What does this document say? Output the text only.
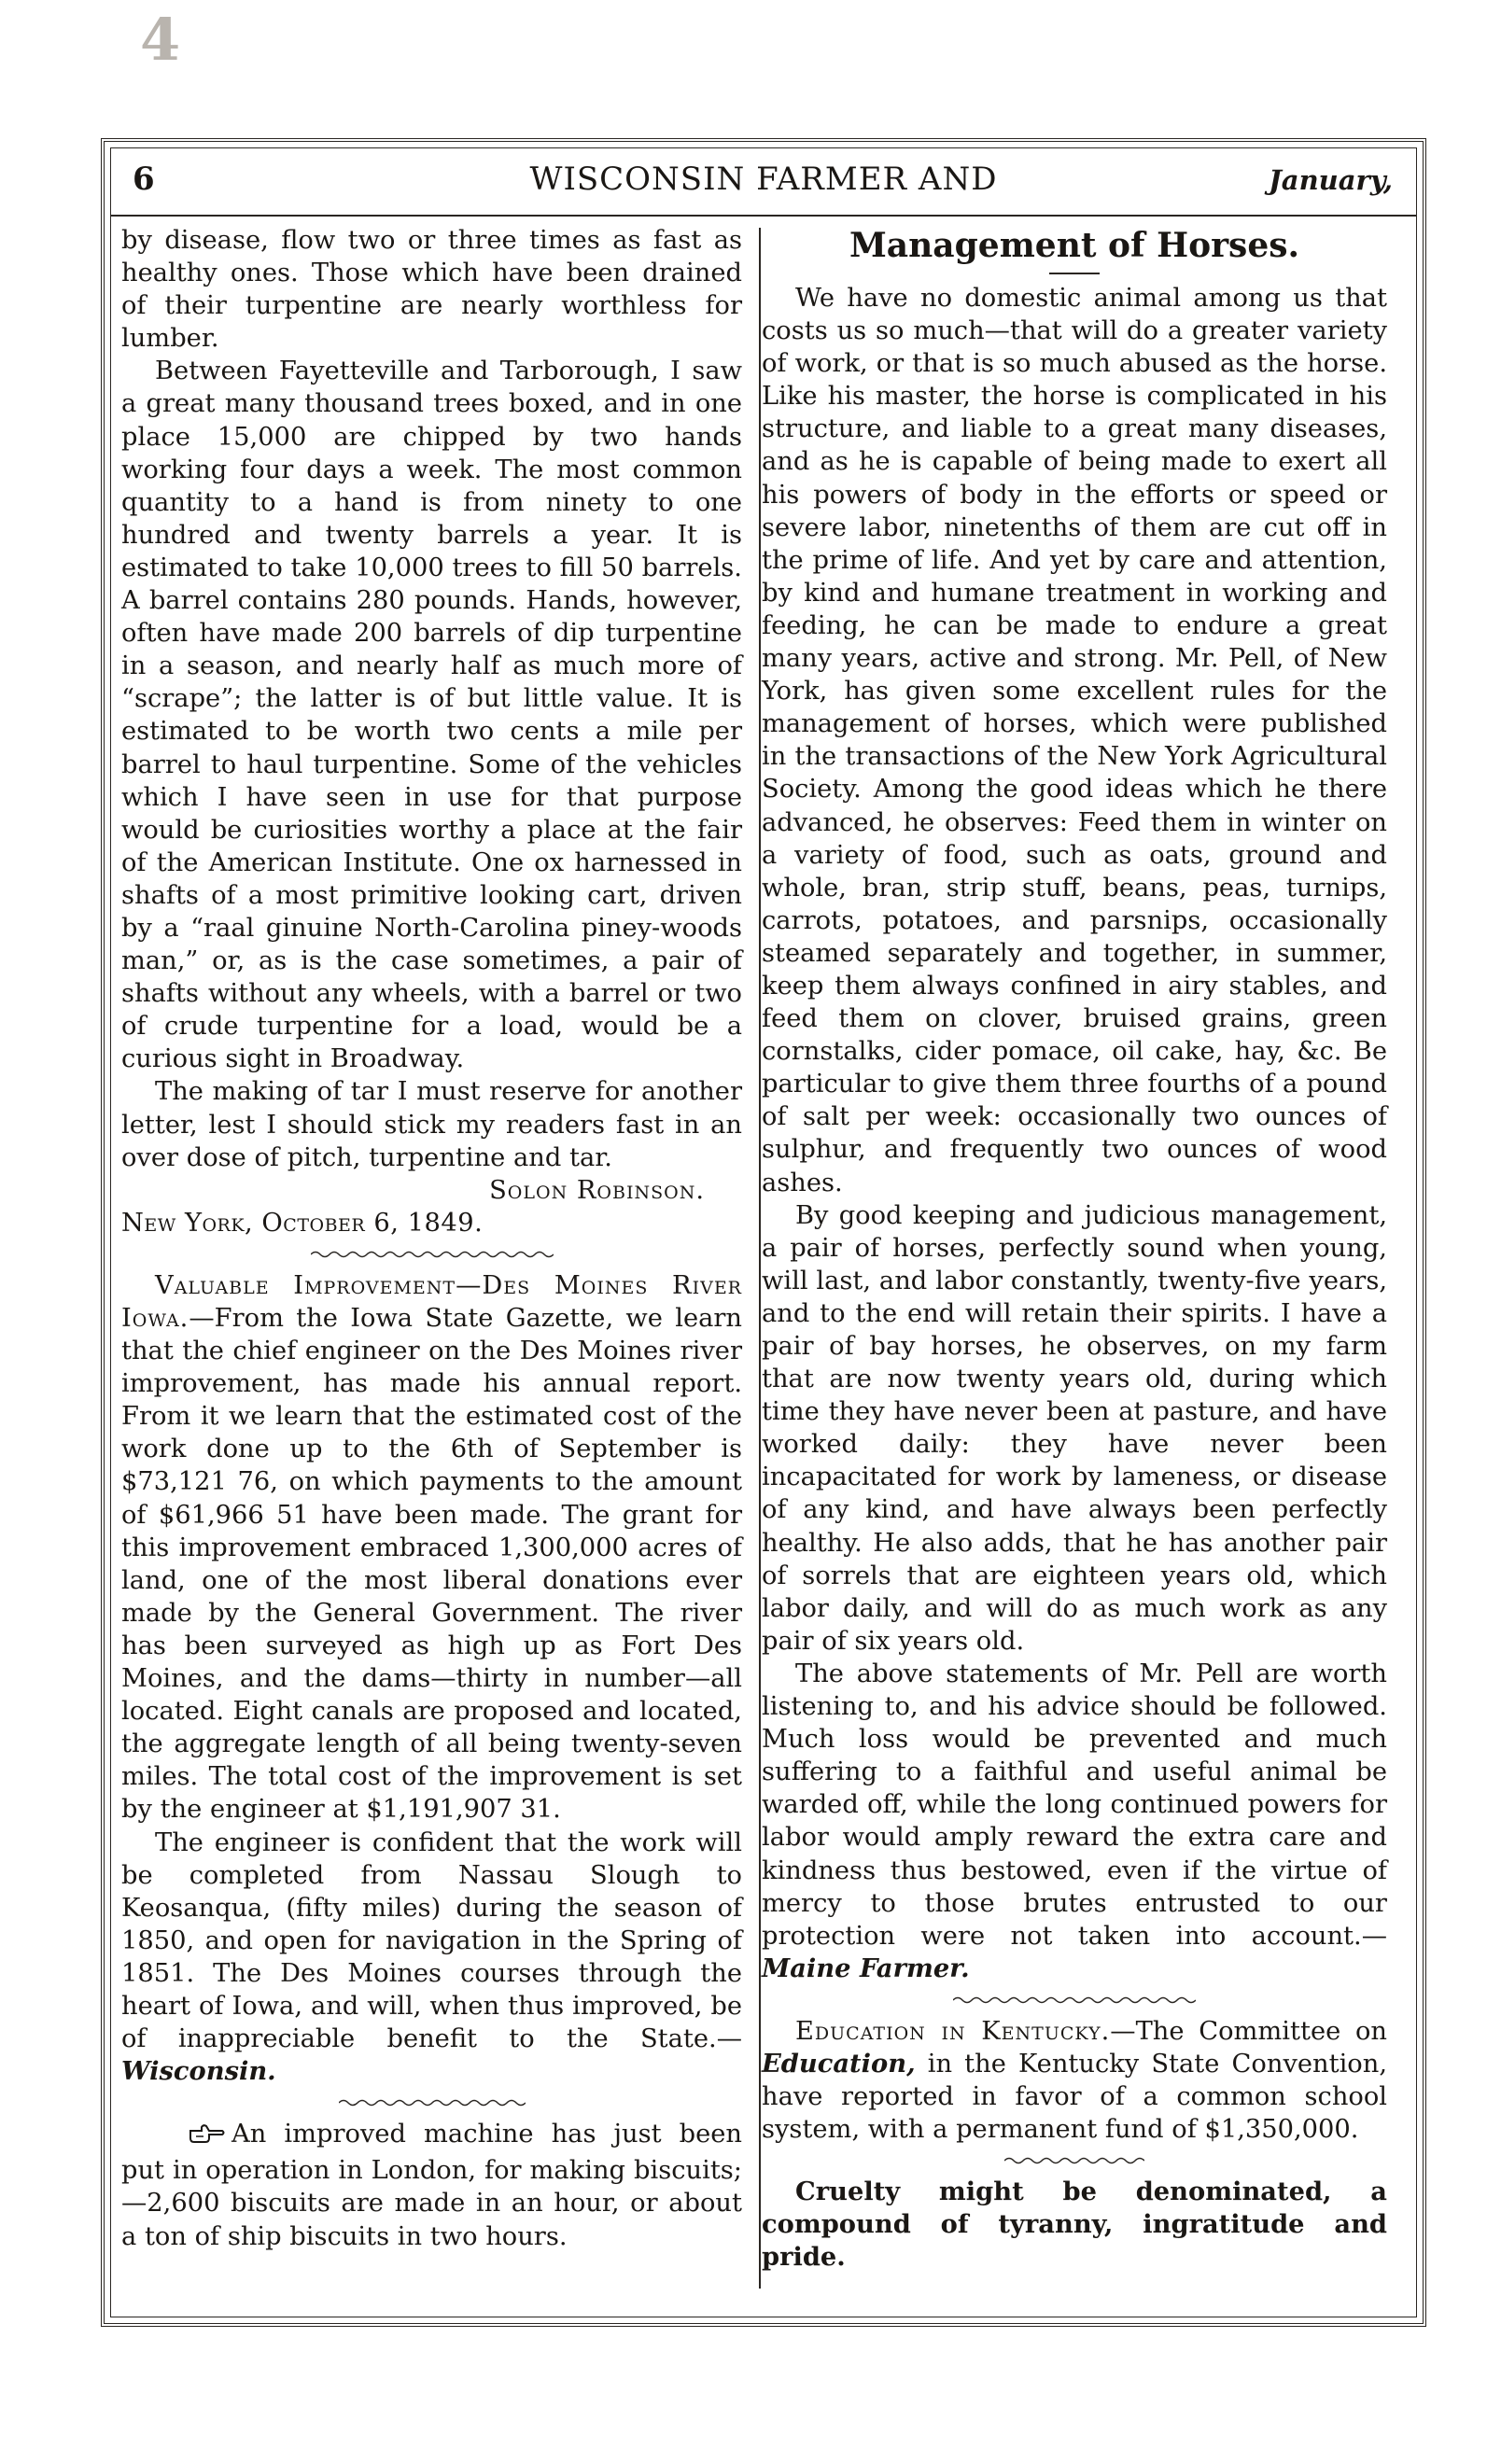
4
6	WISCONSIN FARMER AND	January,

by disease, flow two or three times as fast as healthy ones. Those which have been drained of their turpentine are nearly worthless for lumber.

Between Fayetteville and Tarborough, I saw a great many thousand trees boxed, and in one place 15,000 are chipped by two hands working four days a week. The most common quantity to a hand is from ninety to one hundred and twenty barrels a year. It is estimated to take 10,000 trees to fill 50 barrels. A barrel contains 280 pounds. Hands, however, often have made 200 barrels of dip turpentine in a season, and nearly half as much more of “scrape”; the latter is of but little value. It is estimated to be worth two cents a mile per barrel to haul turpentine. Some of the vehicles which I have seen in use for that purpose would be curiosities worthy a place at the fair of the American Institute. One ox harnessed in shafts of a most primitive looking cart, driven by a “raal ginuine North-Carolina piney-woods man,” or, as is the case sometimes, a pair of shafts without any wheels, with a barrel or two of crude turpentine for a load, would be a curious sight in Broadway.

The making of tar I must reserve for another letter, lest I should stick my readers fast in an over dose of pitch, turpentine and tar.

Solon Robinson.

New York, October 6, 1849.

Valuable Improvement—Des Moines River Iowa.—From the Iowa State Gazette, we learn that the chief engineer on the Des Moines river improvement, has made his annual report. From it we learn that the estimated cost of the work done up to the 6th of September is $73,121 76, on which payments to the amount of $61,966 51 have been made. The grant for this improvement embraced 1,300,000 acres of land, one of the most liberal donations ever made by the General Government. The river has been surveyed as high up as Fort Des Moines, and the dams—thirty in number—all located. Eight canals are proposed and located, the aggregate length of all being twenty-seven miles. The total cost of the improvement is set by the engineer at $1,191,907 31.

The engineer is confident that the work will be completed from Nassau Slough to Keosanqua, (fifty miles) during the season of 1850, and open for navigation in the Spring of 1851. The Des Moines courses through the heart of Iowa, and will, when thus improved, be of inappreciable benefit to the State.—Wisconsin.

An improved machine has just been put in operation in London, for making biscuits;—2,600 biscuits are made in an hour, or about a ton of ship biscuits in two hours.

Management of Horses.

We have no domestic animal among us that costs us so much—that will do a greater variety of work, or that is so much abused as the horse. Like his master, the horse is complicated in his structure, and liable to a great many diseases, and as he is capable of being made to exert all his powers of body in the efforts or speed or severe labor, ninetenths of them are cut off in the prime of life. And yet by care and attention, by kind and humane treatment in working and feeding, he can be made to endure a great many years, active and strong. Mr. Pell, of New York, has given some excellent rules for the management of horses, which were published in the transactions of the New York Agricultural Society. Among the good ideas which he there advanced, he observes: Feed them in winter on a variety of food, such as oats, ground and whole, bran, strip stuff, beans, peas, turnips, carrots, potatoes, and parsnips, occasionally steamed separately and together, in summer, keep them always confined in airy stables, and feed them on clover, bruised grains, green cornstalks, cider pomace, oil cake, hay, &c. Be particular to give them three fourths of a pound of salt per week: occasionally two ounces of sulphur, and frequently two ounces of wood ashes.

By good keeping and judicious management, a pair of horses, perfectly sound when young, will last, and labor constantly, twenty-five years, and to the end will retain their spirits. I have a pair of bay horses, he observes, on my farm that are now twenty years old, during which time they have never been at pasture, and have worked daily: they have never been incapacitated for work by lameness, or disease of any kind, and have always been perfectly healthy. He also adds, that he has another pair of sorrels that are eighteen years old, which labor daily, and will do as much work as any pair of six years old.

The above statements of Mr. Pell are worth listening to, and his advice should be followed. Much loss would be prevented and much suffering to a faithful and useful animal be warded off, while the long continued powers for labor would amply reward the extra care and kindness thus bestowed, even if the virtue of mercy to those brutes entrusted to our protection were not taken into account.—Maine Farmer.

Education in Kentucky.—The Committee on Education, in the Kentucky State Convention, have reported in favor of a common school system, with a permanent fund of $1,350,000.

Cruelty might be denominated, a compound of tyranny, ingratitude and pride.
